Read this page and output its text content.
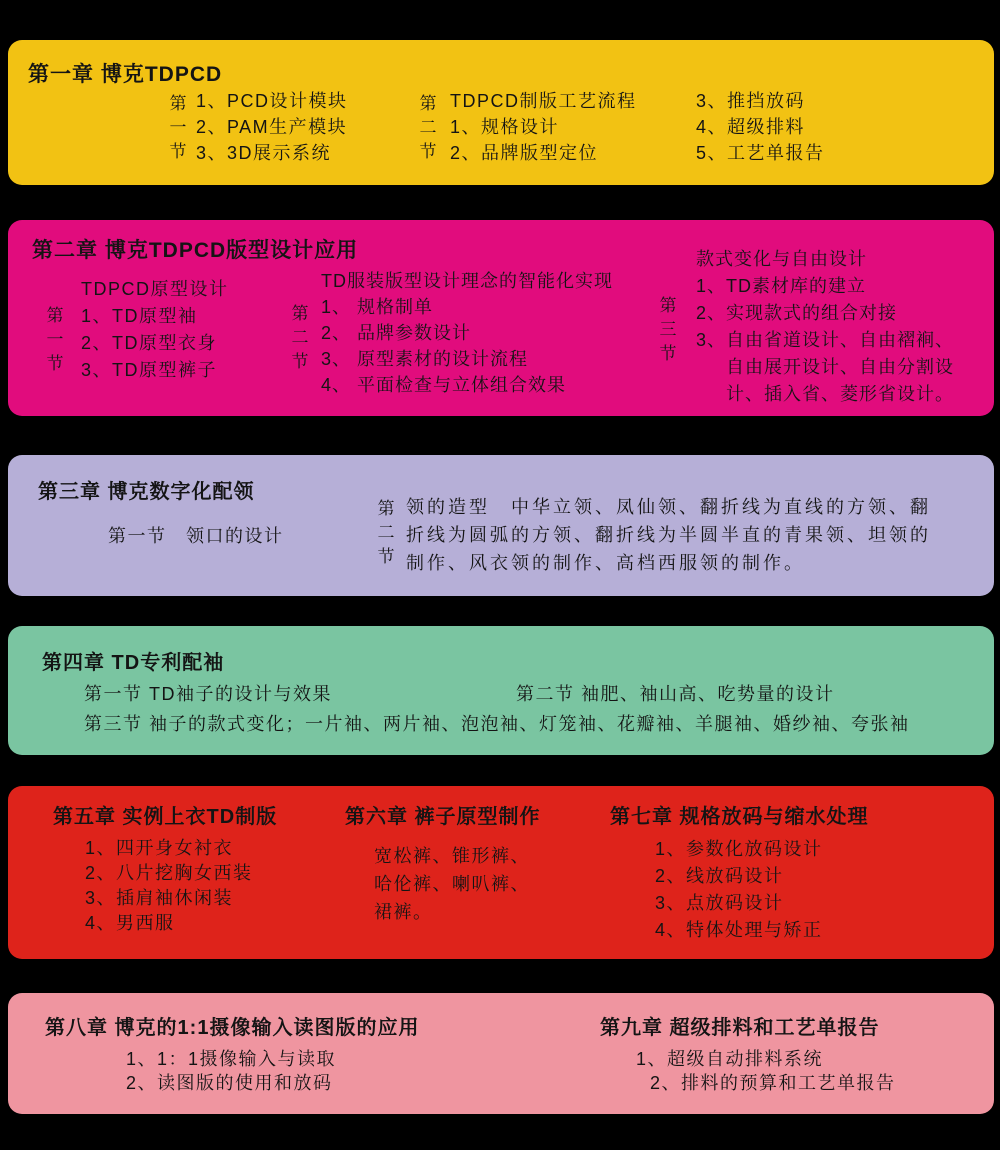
第一章 博克TDPCD
第一节
1、PCD设计模块
2、PAM生产模块
3、3D展示系统
第二节
TDPCD制版工艺流程
1、规格设计
2、品牌版型定位
3、推挡放码
4、超级排料
5、工艺单报告
第二章 博克TDPCD版型设计应用
第一节
TDPCD原型设计
1、TD原型袖
2、TD原型衣身
3、TD原型裤子
第二节
TD服装版型设计理念的智能化实现
1、 规格制单
2、 品牌参数设计
3、 原型素材的设计流程
4、 平面检查与立体组合效果
第三节
款式变化与自由设计
1、TD素材库的建立
2、实现款式的组合对接
3、自由省道设计、自由褶裥、
自由展开设计、自由分割设
计、插入省、菱形省设计。
第三章 博克数字化配领
第一节　领口的设计
第二节
领的造型　中华立领、凤仙领、翻折线为直线的方领、翻
折线为圆弧的方领、翻折线为半圆半直的青果领、坦领的
制作、风衣领的制作、高档西服领的制作。
第四章 TD专利配袖
第一节 TD袖子的设计与效果	第二节 袖肥、袖山高、吃势量的设计
第三节 袖子的款式变化；一片袖、两片袖、泡泡袖、灯笼袖、花瓣袖、羊腿袖、婚纱袖、夸张袖
第五章 实例上衣TD制版
1、四开身女衬衣
2、八片挖胸女西装
3、插肩袖休闲装
4、男西服
第六章 裤子原型制作
宽松裤、锥形裤、
哈伦裤、喇叭裤、
裙裤。
第七章 规格放码与缩水处理
1、参数化放码设计
2、线放码设计
3、点放码设计
4、特体处理与矫正
第八章 博克的1:1摄像输入读图版的应用
1、1：1摄像输入与读取
2、读图版的使用和放码
第九章 超级排料和工艺单报告
1、超级自动排料系统
2、排料的预算和工艺单报告
